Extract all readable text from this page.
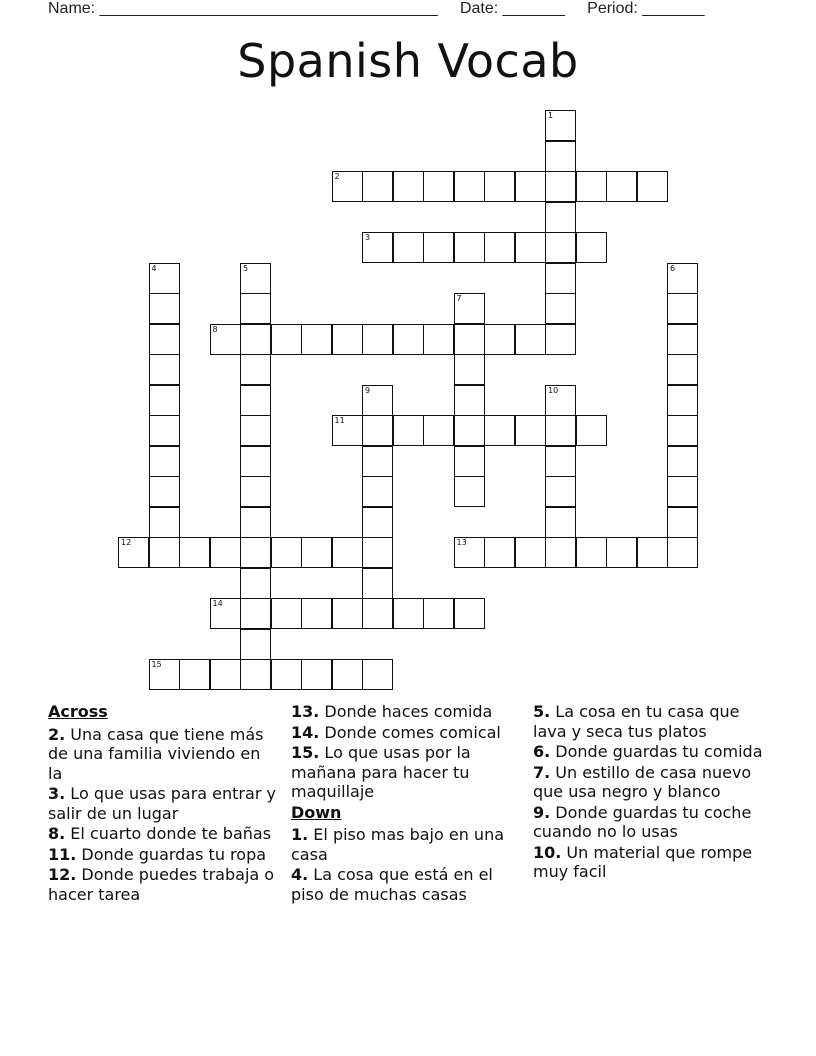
Name: ______________________________________     Date: _______     Period: _______
Spanish Vocab
1
2
3
4	5	6
7
8
9	10
11
12	13
14
15
Across
2. Una casa que tiene más de una familia viviendo en la
3. Lo que usas para entrar y salir de un lugar
8. El cuarto donde te bañas
11. Donde guardas tu ropa
12. Donde puedes trabaja o hacer tarea
13. Donde haces comida
14. Donde comes comical
15. Lo que usas por la mañana para hacer tu maquillaje
Down
1. El piso mas bajo en una casa
4. La cosa que está en el piso de muchas casas
5. La cosa en tu casa que lava y seca tus platos
6. Donde guardas tu comida
7. Un estillo de casa nuevo que usa negro y blanco
9. Donde guardas tu coche cuando no lo usas
10. Un material que rompe muy facil
